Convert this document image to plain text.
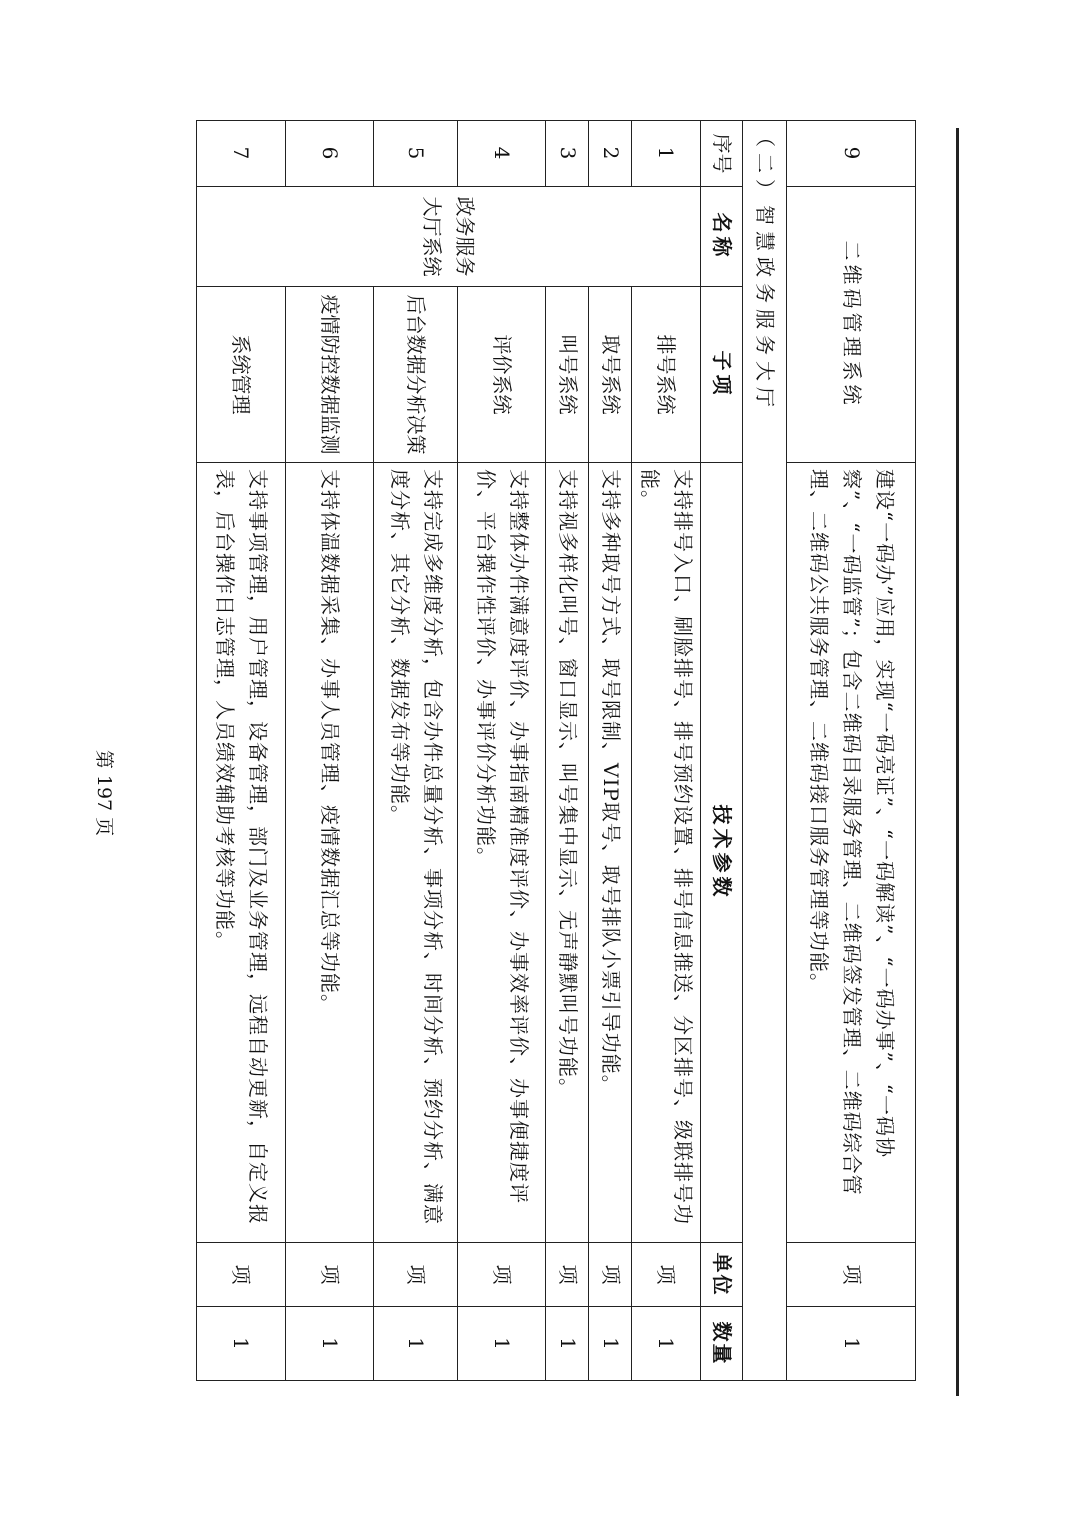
9	二维码管理系统		建设“一码办”应用，实现“一码亮证”、“一码解读”、“一码办事”、“一码协察”、“一码监管”；包含二维码目录服务管理、二维码签发管理、二维码综合管理、二维码公共服务管理、二维码接口服务管理等功能。	项	1
（二）智慧政务服务大厅					
序号	名称	子项	技术参数	单位	数量
1	政务服务大厅系统	排号系统	支持排号入口、刷脸排号、排号预约设置、排号信息推送、分区排号、级联排号功能。	项	1
2		取号系统	支持多种取号方式、取号限制、VIP取号、取号排队小票引导功能。	项	1
3		叫号系统	支持视多样化叫号、窗口显示、叫号集中显示、无声静默叫号功能。	项	1
4		评价系统	支持整体办件满意度评价、办事指南精准度评价、办事效率评价、办事便捷度评价、平台操作性评价、办事评价分析功能。	项	1
5		后台数据分析决策	支持完成多维度分析，包含办件总量分析、事项分析、时间分析、预约分析、满意度分析、其它分析、数据发布等功能。	项	1
6		疫情防控数据监测	支持体温数据采集、办事人员管理、疫情数据汇总等功能。	项	1
7		系统管理	支持事项管理，用户管理，设备管理，部门及业务管理，远程自动更新，自定义报表，后台操作日志管理，人员绩效辅助考核等功能。	项	1
第 197 页
